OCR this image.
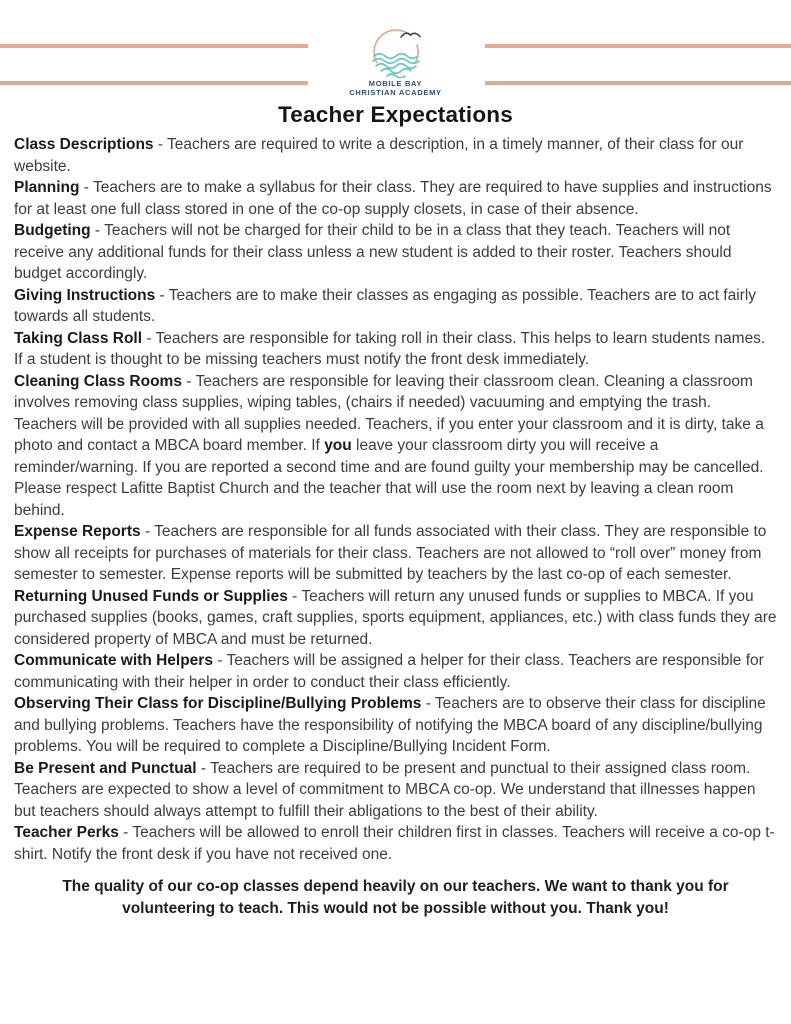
MOBILE BAY
CHRISTIAN ACADEMY
Teacher Expectations

Class Descriptions - Teachers are required to write a description, in a timely manner, of their class for our website.

Planning - Teachers are to make a syllabus for their class. They are required to have supplies and instructions for at least one full class stored in one of the co-op supply closets, in case of their absence.

Budgeting - Teachers will not be charged for their child to be in a class that they teach. Teachers will not receive any additional funds for their class unless a new student is added to their roster. Teachers should budget accordingly.

Giving Instructions - Teachers are to make their classes as engaging as possible. Teachers are to act fairly towards all students.

Taking Class Roll - Teachers are responsible for taking roll in their class. This helps to learn students names. If a student is thought to be missing teachers must notify the front desk immediately.

Cleaning Class Rooms - Teachers are responsible for leaving their classroom clean. Cleaning a classroom involves removing class supplies, wiping tables, (chairs if needed) vacuuming and emptying the trash. Teachers will be provided with all supplies needed. Teachers, if you enter your classroom and it is dirty, take a photo and contact a MBCA board member. If you leave your classroom dirty you will receive a reminder/warning. If you are reported a second time and are found guilty your membership may be cancelled. Please respect Lafitte Baptist Church and the teacher that will use the room next by leaving a clean room behind.

Expense Reports - Teachers are responsible for all funds associated with their class. They are responsible to show all receipts for purchases of materials for their class. Teachers are not allowed to “roll over” money from semester to semester. Expense reports will be submitted by teachers by the last co-op of each semester.

Returning Unused Funds or Supplies - Teachers will return any unused funds or supplies to MBCA. If you purchased supplies (books, games, craft supplies, sports equipment, appliances, etc.) with class funds they are considered property of MBCA and must be returned.

Communicate with Helpers - Teachers will be assigned a helper for their class. Teachers are responsible for communicating with their helper in order to conduct their class efficiently.

Observing Their Class for Discipline/Bullying Problems - Teachers are to observe their class for discipline and bullying problems. Teachers have the responsibility of notifying the MBCA board of any discipline/bullying problems. You will be required to complete a Discipline/Bullying Incident Form.

Be Present and Punctual - Teachers are required to be present and punctual to their assigned class room. Teachers are expected to show a level of commitment to MBCA co-op. We understand that illnesses happen but teachers should always attempt to fulfill their abligations to the best of their ability.

Teacher Perks - Teachers will be allowed to enroll their children first in classes. Teachers will receive a co-op t-shirt. Notify the front desk if you have not received one.

The quality of our co-op classes depend heavily on our teachers. We want to thank you for volunteering to teach. This would not be possible without you. Thank you!
